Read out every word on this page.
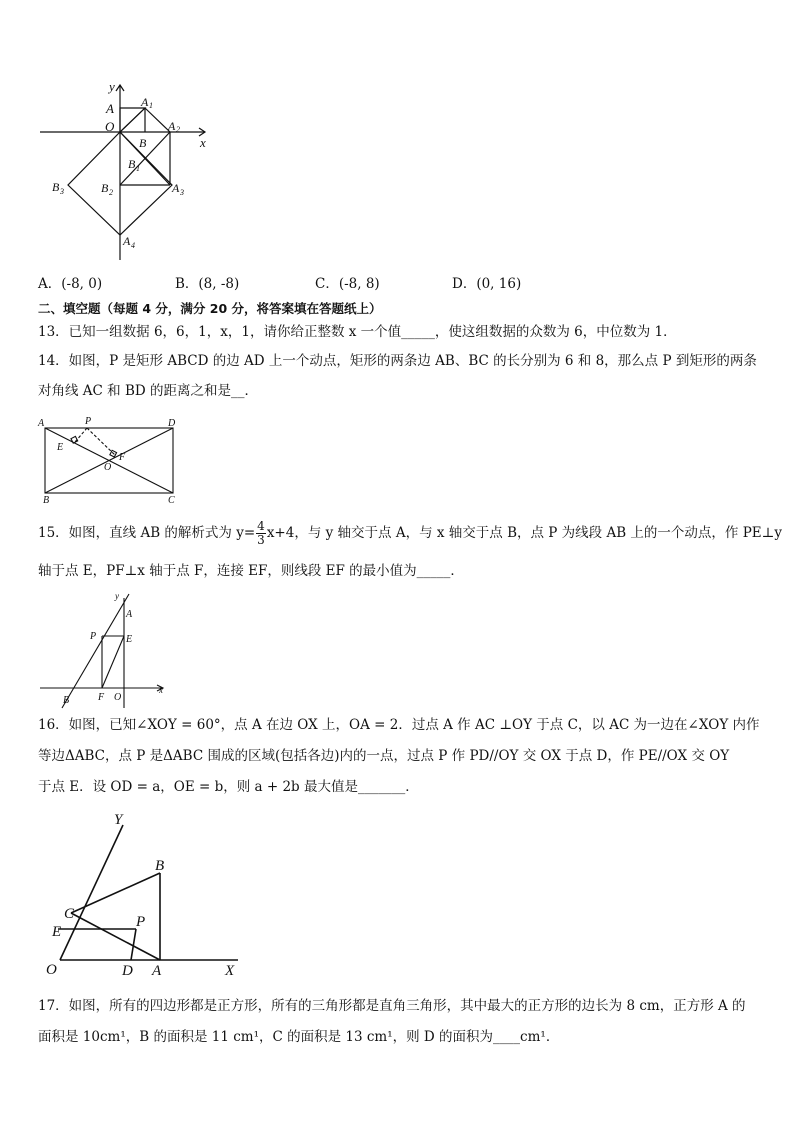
y
x
O
A A 1
A 2
B
B 1
B 2	A 3
B 3
A 4
A．(-8, 0)	B．(8, -8)	C．(-8, 8)	D．(0, 16)
二、填空题（每题 4 分，满分 20 分，将答案填在答题纸上）
13．已知一组数据 6，6，1，x，1，请你给正整数 x 一个值_____，使这组数据的众数为 6，中位数为 1．
14．如图，P 是矩形 ABCD 的边 AD 上一个动点，矩形的两条边 AB、BC 的长分别为 6 和 8，那么点 P 到矩形的两条
对角线 AC 和 BD 的距离之和是__．
A	P	D
E
F
O
B	C
15．如图，直线 AB 的解析式为 $y= \frac{4}{3} x+4$，与 y 轴交于点 A，与 x 轴交于点 B，点 P 为线段 AB 上的一个动点，作 PE⊥y
轴于点 E，PF⊥x 轴于点 F，连接 EF，则线段 EF 的最小值为_____．
y
A
P	E
B	F O
x
16．如图，已知∠XOY = 60°，点 A 在边 OX 上，OA = 2．过点 A 作 AC ⊥OY 于点 C，以 AC 为一边在∠XOY 内作
等边ΔABC，点 P 是ΔABC 围成的区域(包括各边)内的一点，过点 P 作 PD//OY 交 OX 于点 D，作 PE//OX 交 OY
于点 E．设 OD = a，OE = b，则 a + 2b 最大值是_______．
Y
B
C	P
E
O	D A	X
17．如图，所有的四边形都是正方形，所有的三角形都是直角三角形，其中最大的正方形的边长为 8 cm，正方形 A 的
面积是 10cm¹，B 的面积是 11 cm¹，C 的面积是 13 cm¹，则 D 的面积为____cm¹．
